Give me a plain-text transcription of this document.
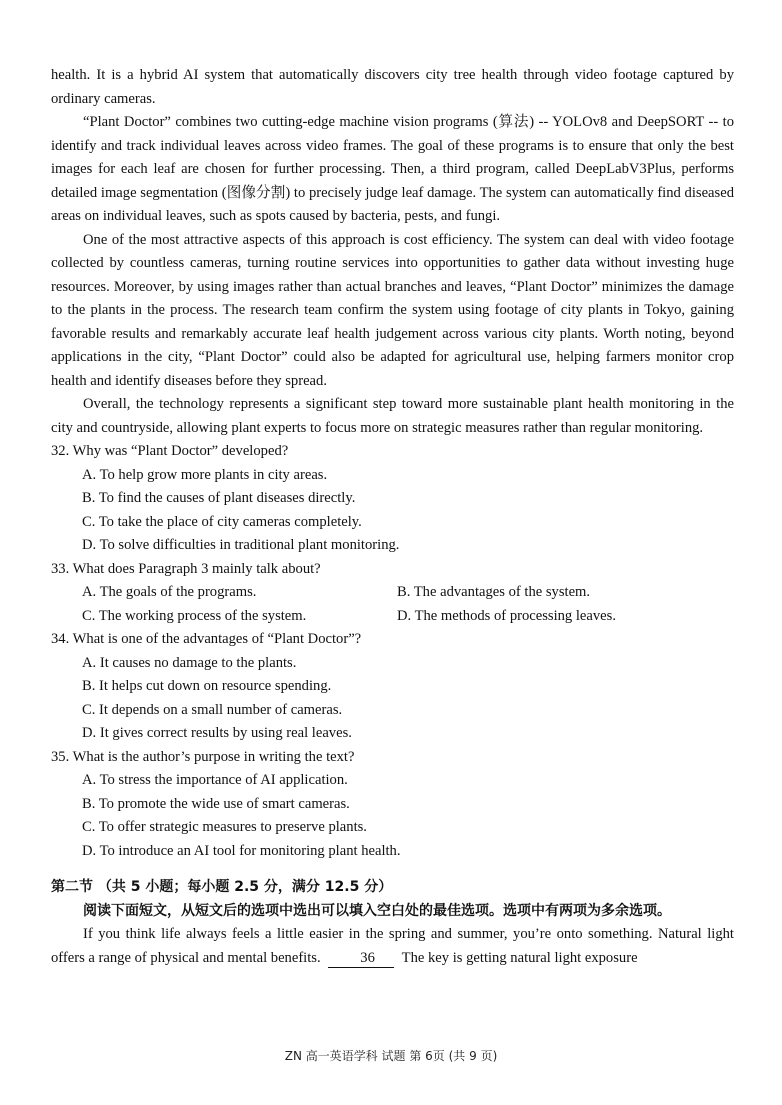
health. It is a hybrid AI system that automatically discovers city tree health through video footage captured by ordinary cameras.

“Plant Doctor” combines two cutting-edge machine vision programs (算法) -- YOLOv8 and DeepSORT -- to identify and track individual leaves across video frames. The goal of these programs is to ensure that only the best images for each leaf are chosen for further processing. Then, a third program, called DeepLabV3Plus, performs detailed image segmentation (图像分割) to precisely judge leaf damage. The system can automatically find diseased areas on individual leaves, such as spots caused by bacteria, pests, and fungi.

One of the most attractive aspects of this approach is cost efficiency. The system can deal with video footage collected by countless cameras, turning routine services into opportunities to gather data without investing huge resources. Moreover, by using images rather than actual branches and leaves, “Plant Doctor” minimizes the damage to the plants in the process. The research team confirm the system using footage of city plants in Tokyo, gaining favorable results and remarkably accurate leaf health judgement across various city plants. Worth noting, beyond applications in the city, “Plant Doctor” could also be adapted for agricultural use, helping farmers monitor crop health and identify diseases before they spread.

Overall, the technology represents a significant step toward more sustainable plant health monitoring in the city and countryside, allowing plant experts to focus more on strategic measures rather than regular monitoring.

32. Why was “Plant Doctor” developed?

A. To help grow more plants in city areas.

B. To find the causes of plant diseases directly.

C. To take the place of city cameras completely.

D. To solve difficulties in traditional plant monitoring.

33. What does Paragraph 3 mainly talk about?

A. The goals of the programs.	B. The advantages of the system.
C. The working process of the system.	D. The methods of processing leaves.

34. What is one of the advantages of “Plant Doctor”?

A. It causes no damage to the plants.

B. It helps cut down on resource spending.

C. It depends on a small number of cameras.

D. It gives correct results by using real leaves.

35. What is the author’s purpose in writing the text?

A. To stress the importance of AI application.

B. To promote the wide use of smart cameras.

C. To offer strategic measures to preserve plants.

D. To introduce an AI tool for monitoring plant health.

第二节 （共 5 小题；每小题 2.5 分，满分 12.5 分）

阅读下面短文，从短文后的选项中选出可以填入空白处的最佳选项。选项中有两项为多余选项。

If you think life always feels a little easier in the spring and summer, you’re onto something. Natural light offers a range of physical and mental benefits.	36 The key is getting natural light exposure

ZN 高一英语学科 试题 第 6页 (共 9 页)
